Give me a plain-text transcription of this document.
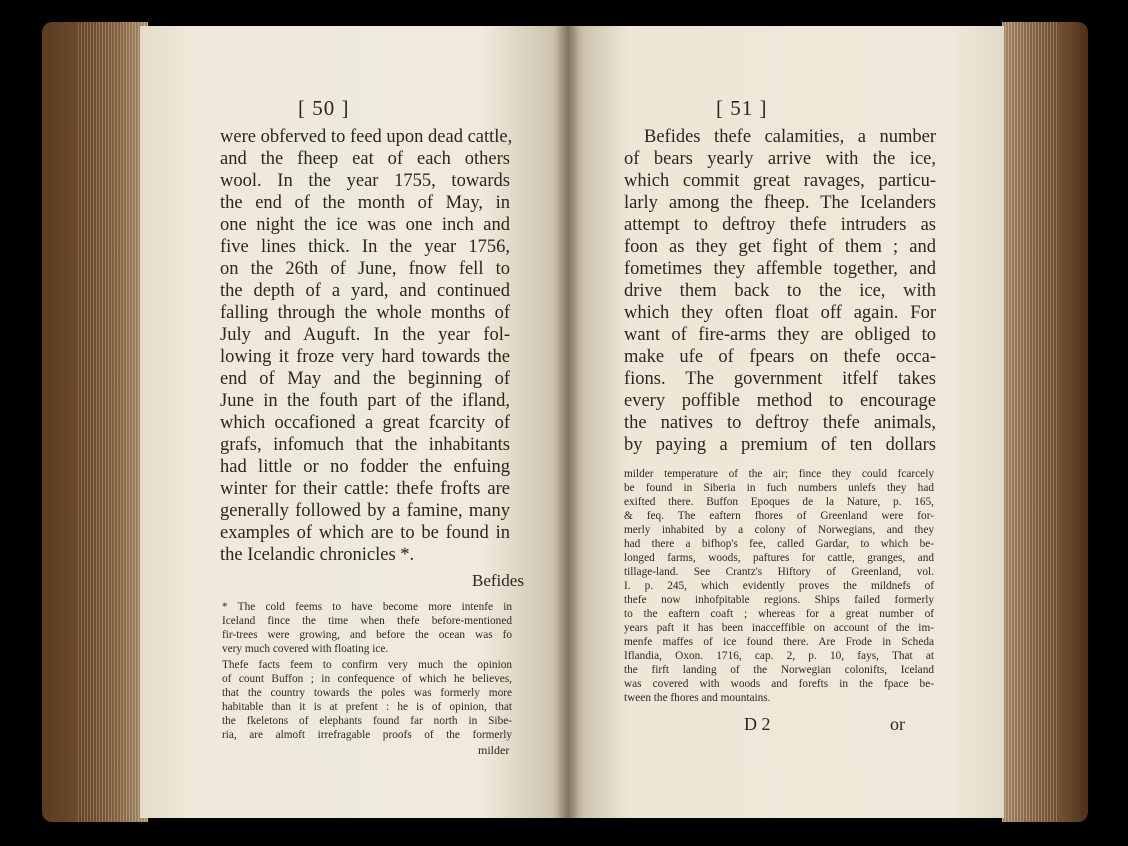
[ 50 ]
were obferved to feed upon dead cattle,
and the fheep eat of each others
wool. In the year 1755, towards
the end of the month of May, in
one night the ice was one inch and
five lines thick. In the year 1756,
on the 26th of June, fnow fell to
the depth of a yard, and continued
falling through the whole months of
July and Auguft. In the year fol-
lowing it froze very hard towards the
end of May and the beginning of
June in the fouth part of the ifland,
which occafioned a great fcarcity of
grafs, infomuch that the inhabitants
had little or no fodder the enfuing
winter for their cattle: thefe frofts are
generally followed by a famine, many
examples of which are to be found in
the Icelandic chronicles *.
Befides
* The cold feems to have become more intenfe in
Iceland fince the time when thefe before-mentioned
fir-trees were growing, and before the ocean was fo
very much covered with floating ice.
Thefe facts feem to confirm very much the opinion
of count Buffon ; in confequence of which he believes,
that the country towards the poles was formerly more
habitable than it is at prefent : he is of opinion, that
the fkeletons of elephants found far north in Sibe-
ria, are almoft irrefragable proofs of the formerly
milder
[ 51 ]
Befides thefe calamities, a number
of bears yearly arrive with the ice,
which commit great ravages, particu-
larly among the fheep. The Icelanders
attempt to deftroy thefe intruders as
foon as they get fight of them ; and
fometimes they affemble together, and
drive them back to the ice, with
which they often float off again. For
want of fire-arms they are obliged to
make ufe of fpears on thefe occa-
fions. The government itfelf takes
every poffible method to encourage
the natives to deftroy thefe animals,
by paying a premium of ten dollars
milder temperature of the air; fince they could fcarcely
be found in Siberia in fuch numbers unlefs they had
exifted there. Buffon Epoques de la Nature, p. 165,
& feq. The eaftern fhores of Greenland were for-
merly inhabited by a colony of Norwegians, and they
had there a bifhop's fee, called Gardar, to which be-
longed farms, woods, paftures for cattle, granges, and
tillage-land. See Crantz's Hiftory of Greenland, vol.
I. p. 245, which evidently proves the mildnefs of
thefe now inhofpitable regions. Ships failed formerly
to the eaftern coaft ; whereas for a great number of
years paft it has been inacceffible on account of the im-
menfe maffes of ice found there. Are Frode in Scheda
Iflandia, Oxon. 1716, cap. 2, p. 10, fays, That at
the firft landing of the Norwegian colonifts, Iceland
was covered with woods and forefts in the fpace be-
tween the fhores and mountains.
D 2	or
